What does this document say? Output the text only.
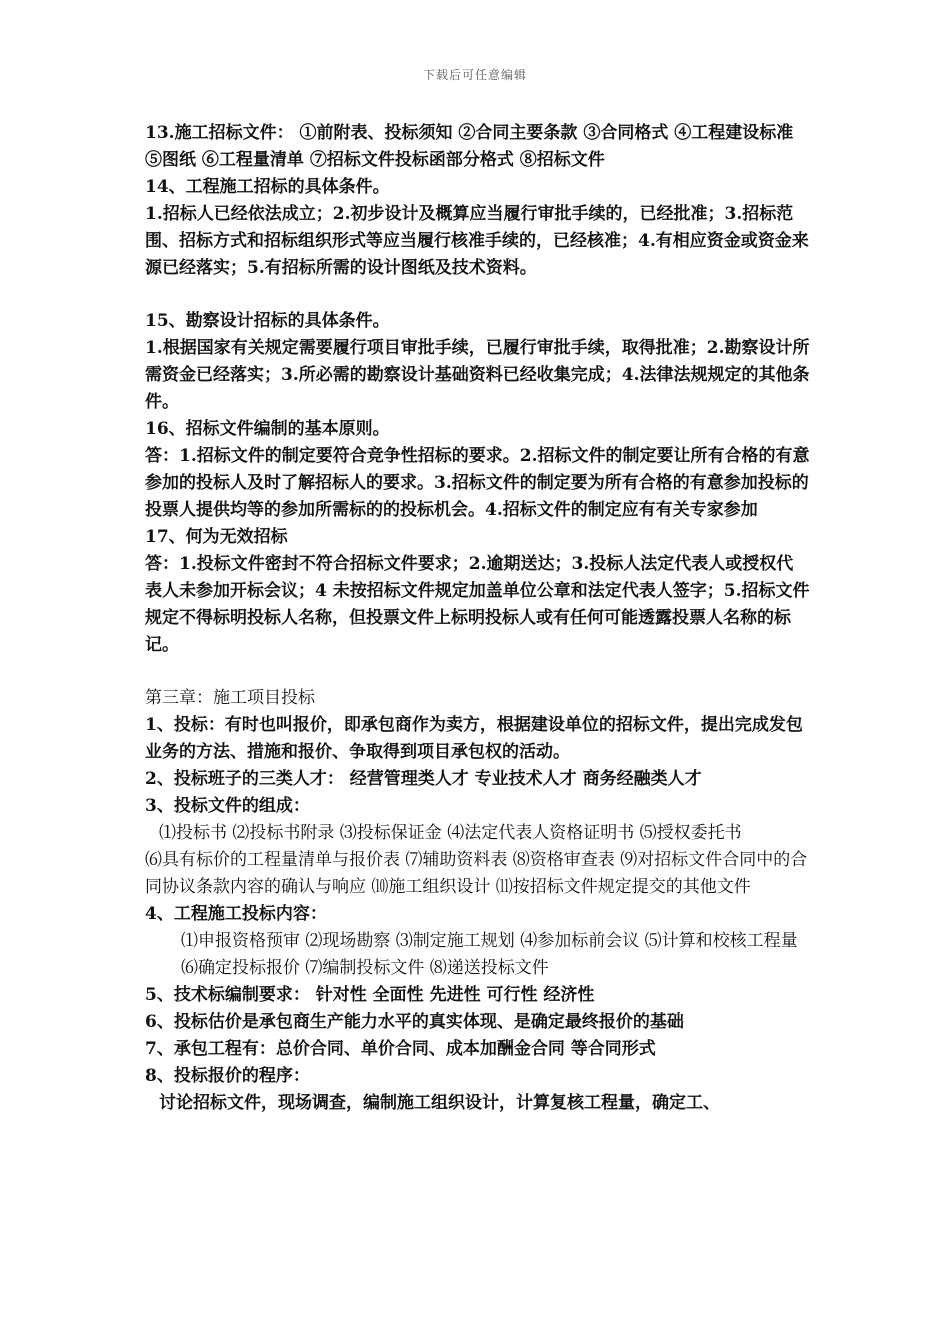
下载后可任意编辑

13.施工招标文件： ①前附表、投标须知 ②合同主要条款 ③合同格式 ④工程建设标准 ⑤图纸 ⑥工程量清单 ⑦招标文件投标函部分格式 ⑧招标文件

14、工程施工招标的具体条件。

1.招标人已经依法成立；2.初步设计及概算应当履行审批手续的，已经批准；3.招标范围、招标方式和招标组织形式等应当履行核准手续的，已经核准；4.有相应资金或资金来源已经落实；5.有招标所需的设计图纸及技术资料。

15、勘察设计招标的具体条件。

1.根据国家有关规定需要履行项目审批手续，已履行审批手续，取得批准；2.勘察设计所需资金已经落实；3.所必需的勘察设计基础资料已经收集完成；4.法律法规规定的其他条件。

16、招标文件编制的基本原则。

答：1.招标文件的制定要符合竞争性招标的要求。2.招标文件的制定要让所有合格的有意参加的投标人及时了解招标人的要求。3.招标文件的制定要为所有合格的有意参加投标的投票人提供均等的参加所需标的的投标机会。4.招标文件的制定应有有关专家参加

17、何为无效招标

答：1.投标文件密封不符合招标文件要求；2.逾期送达；3.投标人法定代表人或授权代表人未参加开标会议；4 未按招标文件规定加盖单位公章和法定代表人签字；5.招标文件规定不得标明投标人名称，但投票文件上标明投标人或有任何可能透露投票人名称的标记。

第三章：施工项目投标

1、投标：有时也叫报价，即承包商作为卖方，根据建设单位的招标文件，提出完成发包业务的方法、措施和报价、争取得到项目承包权的活动。

2、投标班子的三类人才： 经营管理类人才 专业技术人才 商务经融类人才

3、投标文件的组成：

⑴投标书 ⑵投标书附录 ⑶投标保证金 ⑷法定代表人资格证明书 ⑸授权委托书

⑹具有标价的工程量清单与报价表 ⑺辅助资料表 ⑻资格审查表 ⑼对招标文件合同中的合同协议条款内容的确认与响应 ⑽施工组织设计 ⑾按招标文件规定提交的其他文件

4、工程施工投标内容：

⑴申报资格预审 ⑵现场勘察 ⑶制定施工规划 ⑷参加标前会议 ⑸计算和校核工程量 ⑹确定投标报价 ⑺编制投标文件 ⑻递送投标文件

5、技术标编制要求： 针对性 全面性 先进性 可行性 经济性

6、投标估价是承包商生产能力水平的真实体现、是确定最终报价的基础

7、承包工程有：总价合同、单价合同、成本加酬金合同 等合同形式

8、投标报价的程序：

讨论招标文件，现场调查，编制施工组织设计，计算复核工程量，确定工、
